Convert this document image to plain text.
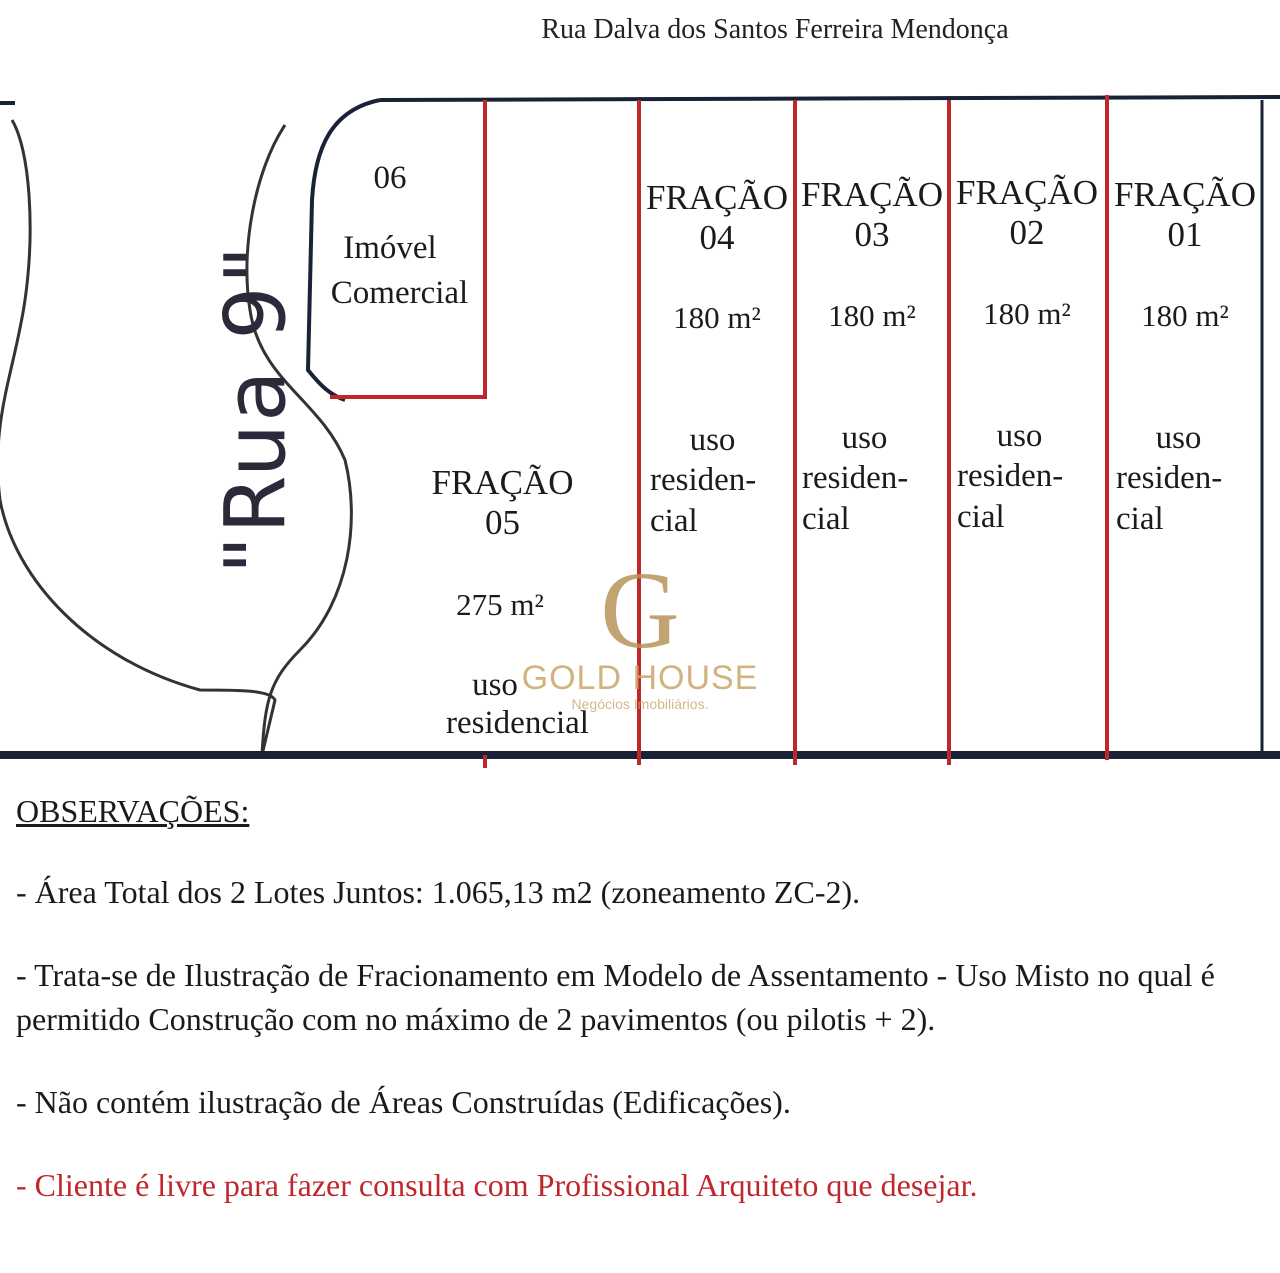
Rua Dalva dos Santos Ferreira Mendonça
"Rua 9"
06
Imóvel
Comercial
FRAÇÃO
04
180 m²
uso
residen-
cial
FRAÇÃO
03
180 m²
uso
residen-
cial
FRAÇÃO
02
180 m²
uso
residen-
cial
FRAÇÃO
01
180 m²
uso
residen-
cial
FRAÇÃO
05
275 m²
uso
residencial
G
GOLD HOUSE
Negócios Imobiliários.
OBSERVAÇÕES:

- Área Total dos 2 Lotes Juntos: 1.065,13 m2 (zoneamento ZC-2).

- Trata-se de Ilustração de Fracionamento em Modelo de Assentamento - Uso Misto no qual é permitido Construção com no máximo de 2 pavimentos (ou pilotis + 2).

- Não contém ilustração de Áreas Construídas (Edificações).

- Cliente é livre para fazer consulta com Profissional Arquiteto que desejar.
